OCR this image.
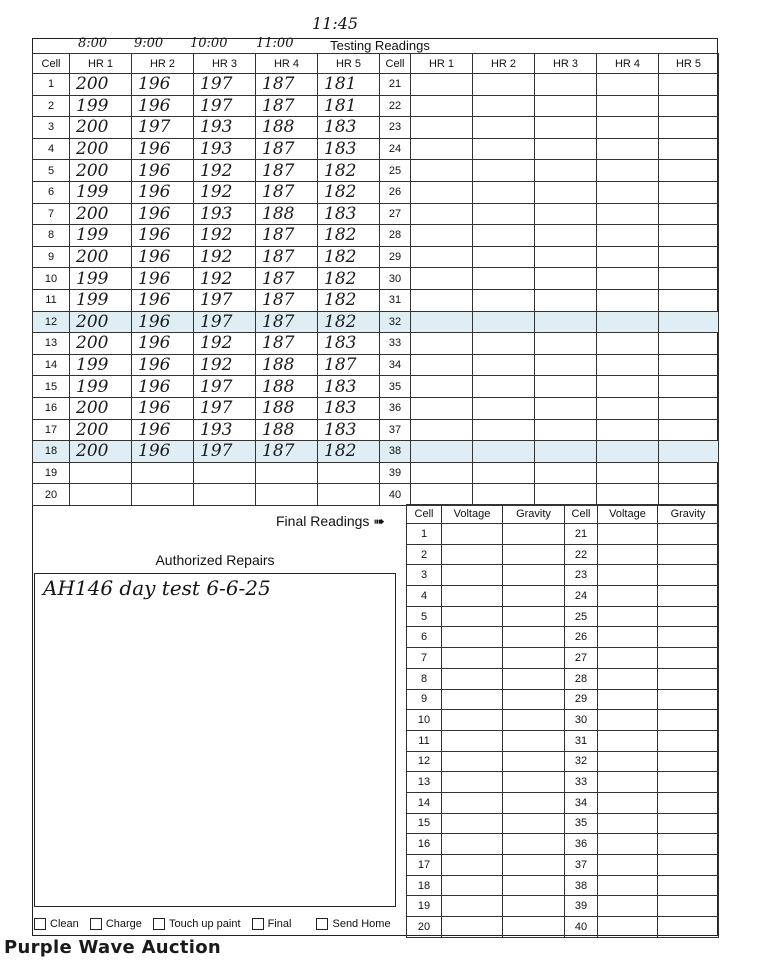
11:45
8:00 9:00 10:00 11:00	Testing Readings
Cell	HR 1	HR 2	HR 3	HR 4	HR 5	Cell	HR 1	HR 2	HR 3	HR 4	HR 5
1	200	196	197	187	181	21					
2	199	196	197	187	181	22					
3	200	197	193	188	183	23					
4	200	196	193	187	183	24					
5	200	196	192	187	182	25					
6	199	196	192	187	182	26					
7	200	196	193	188	183	27					
8	199	196	192	187	182	28					
9	200	196	192	187	182	29					
10	199	196	192	187	182	30					
11	199	196	197	187	182	31					
12	200	196	197	187	182	32					
13	200	196	192	187	183	33					
14	199	196	192	188	187	34					
15	199	196	197	188	183	35					
16	200	196	197	188	183	36					
17	200	196	193	188	183	37					
18	200	196	197	187	182	38					
19						39					
20						40					
Final Readings ➠	Cell	Voltage	Gravity	Cell	Voltage	Gravity
1			21		
2			22		
3			23		
4			24		
5			25		
6			26		
7			27		
8			28		
9			29		
10			30		
11			31		
12			32		
13			33		
14			34		
15			35		
16			36		
17			37		
18			38		
19			39		
20			40		
Authorized Repairs
AH146 day test 6-6-25
Clean
Charge
Touch up paint
Final
	Send Home
Purple Wave Auction
